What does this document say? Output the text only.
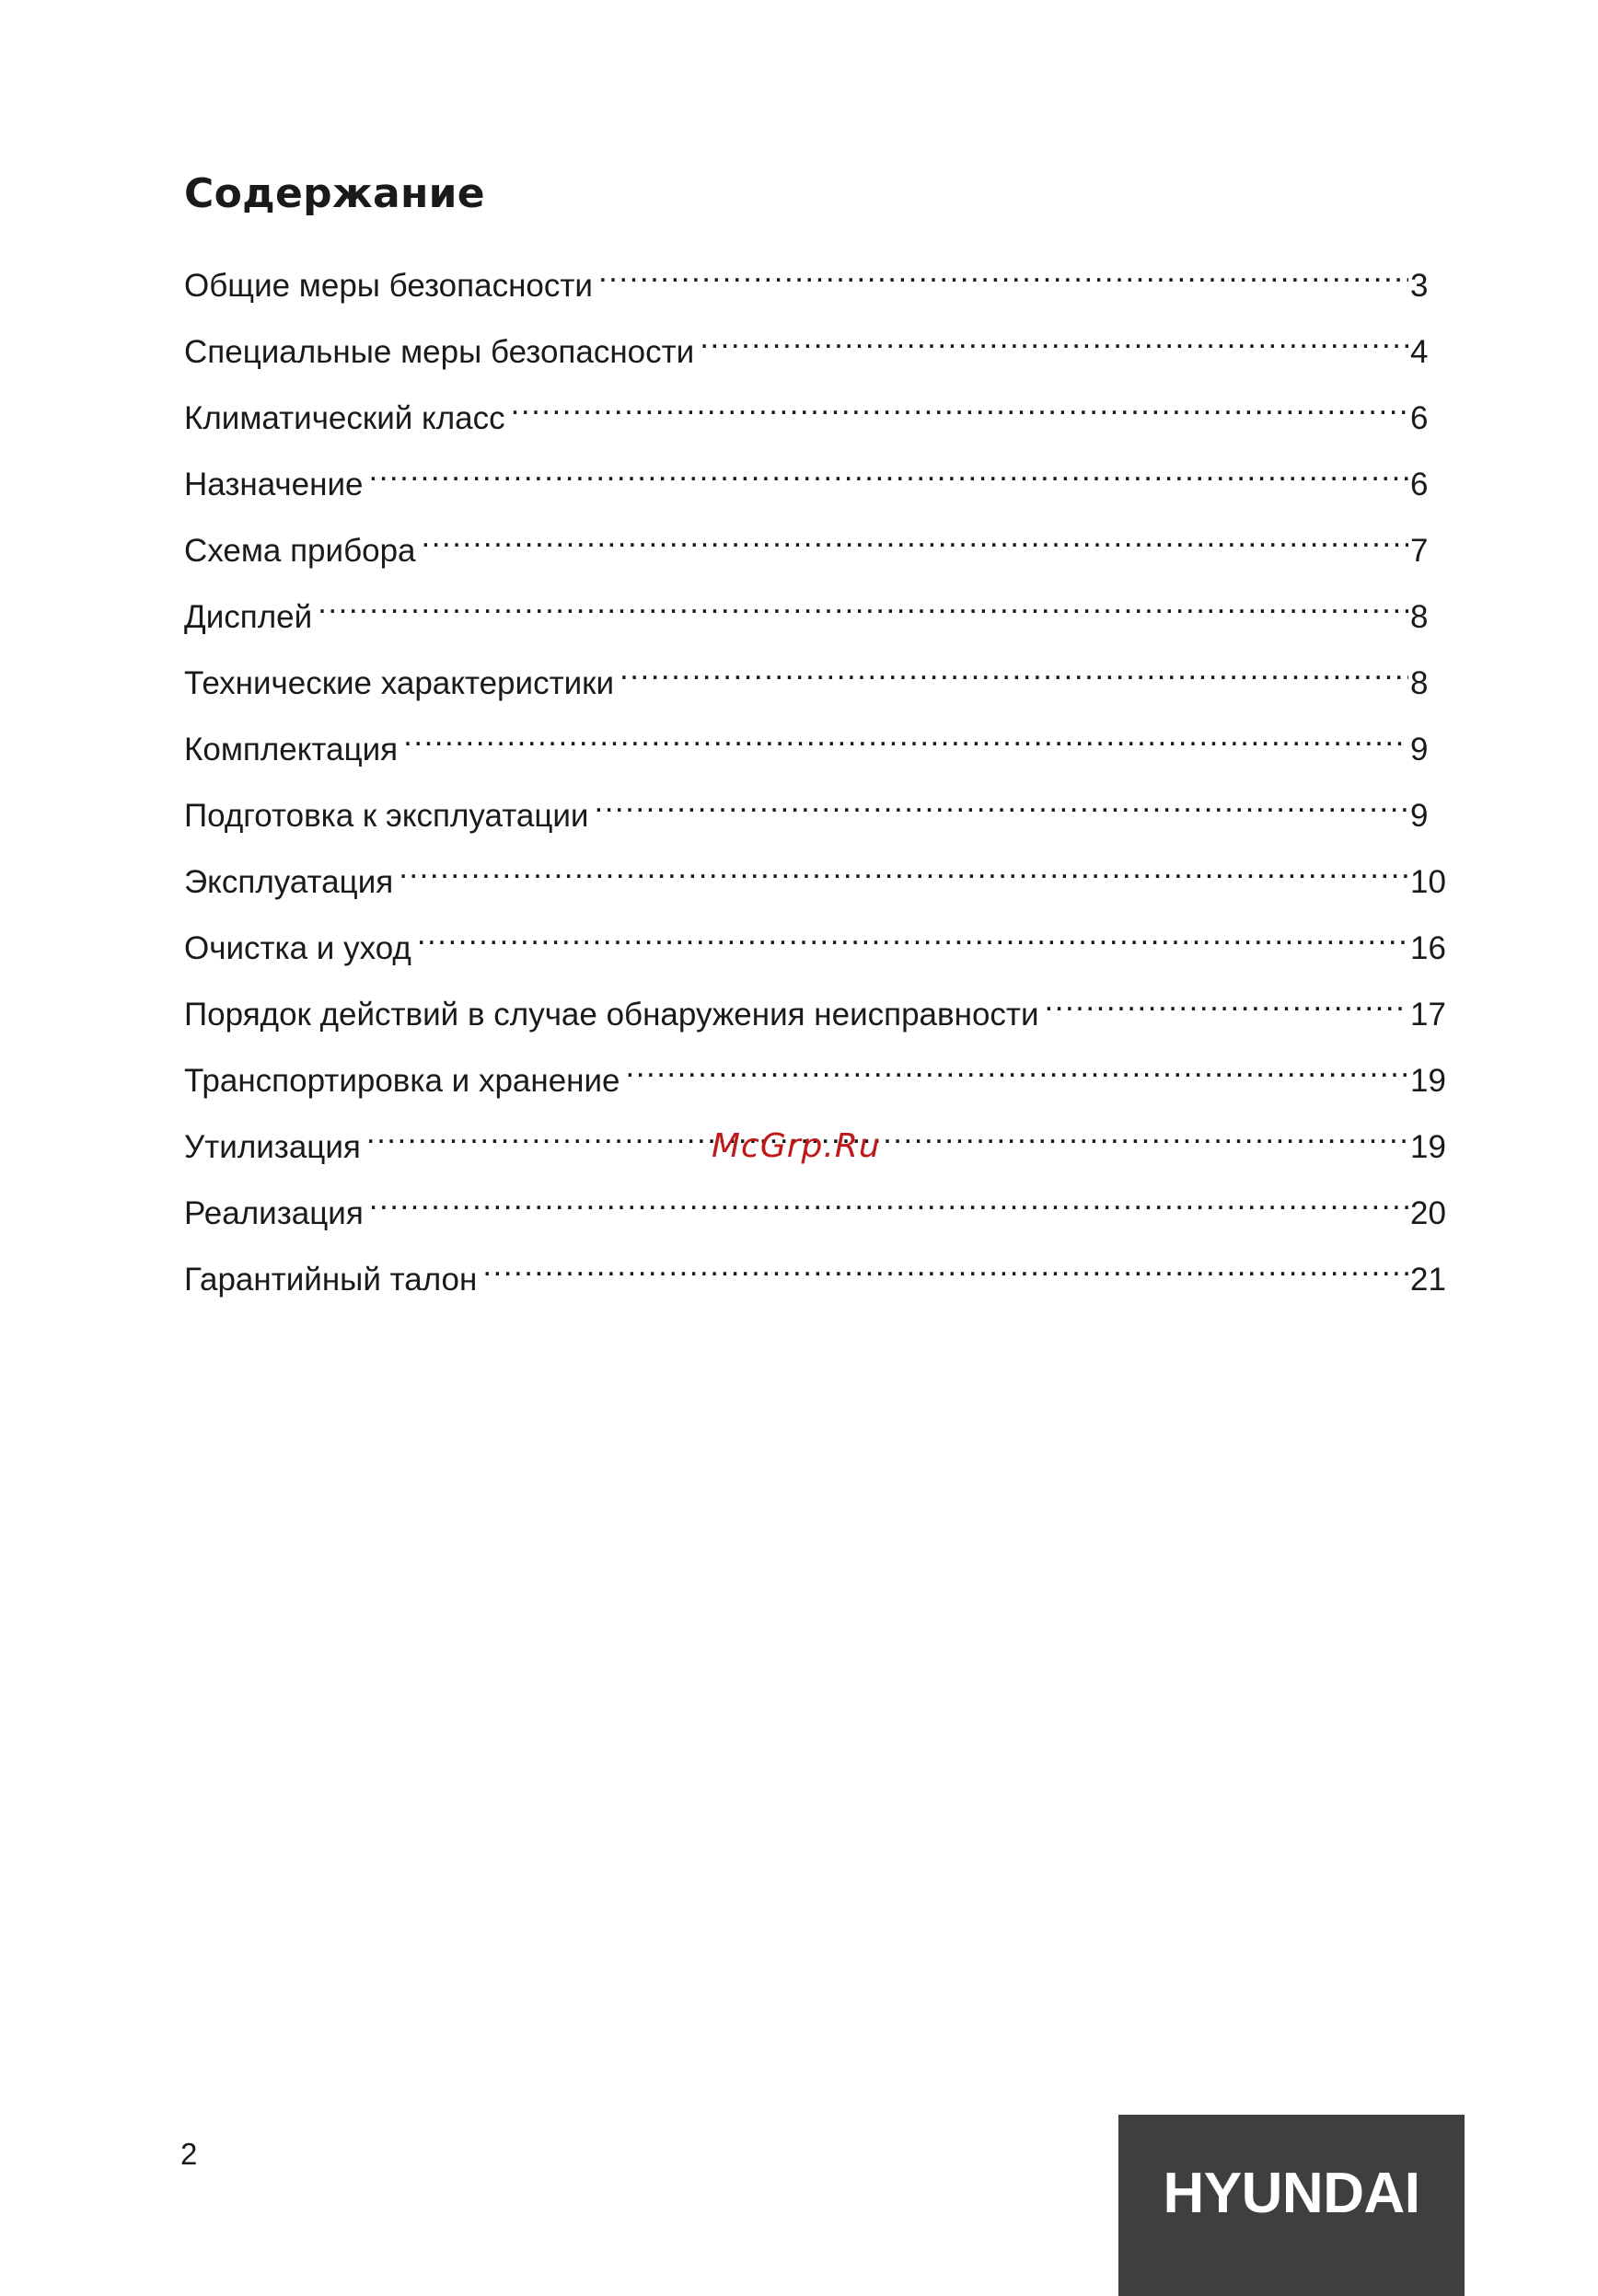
Содержание
Общие меры безопасности .....	3
Специальные меры безопасности .....	4
Климатический класс .....	6
Назначение .....	6
Схема прибора .....	7
Дисплей .....	8
Технические характеристики .....	8
Комплектация .....	9
Подготовка к эксплуатации .....	9
Эксплуатация .....	10
Очистка и уход .....	16
Порядок действий в случае обнаружения неисправности .....	17
Транспортировка и хранение .....	19
Утилизация .....	19
Реализация .....	20
Гарантийный талон .....	21
McGrp.Ru
2
HYUNDAI
